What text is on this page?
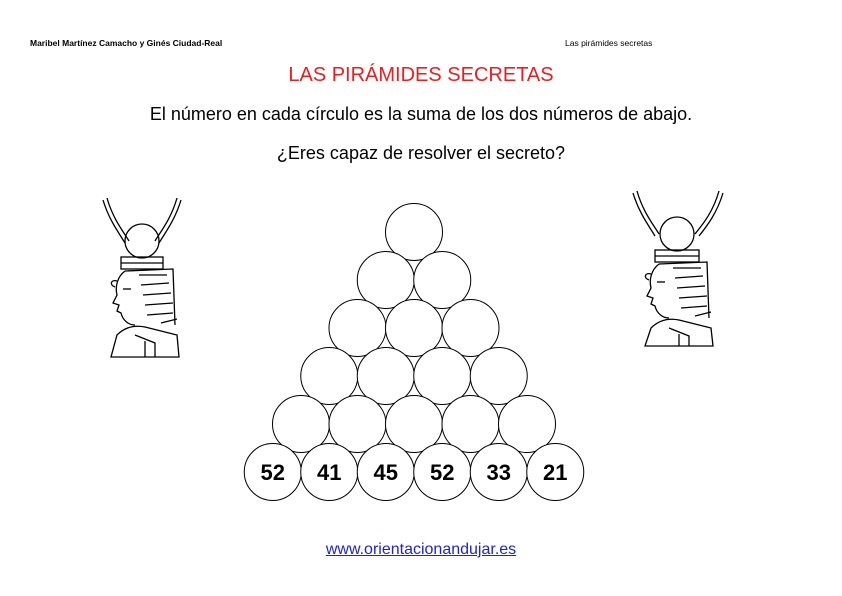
Maribel Martínez Camacho y Ginés Ciudad-Real	Las pirámides secretas
LAS PIRÁMIDES SECRETAS
El número en cada círculo es la suma de los dos números de abajo.
¿Eres capaz de resolver el secreto?
52 41 45 52 33 21
www.orientacionandujar.es
